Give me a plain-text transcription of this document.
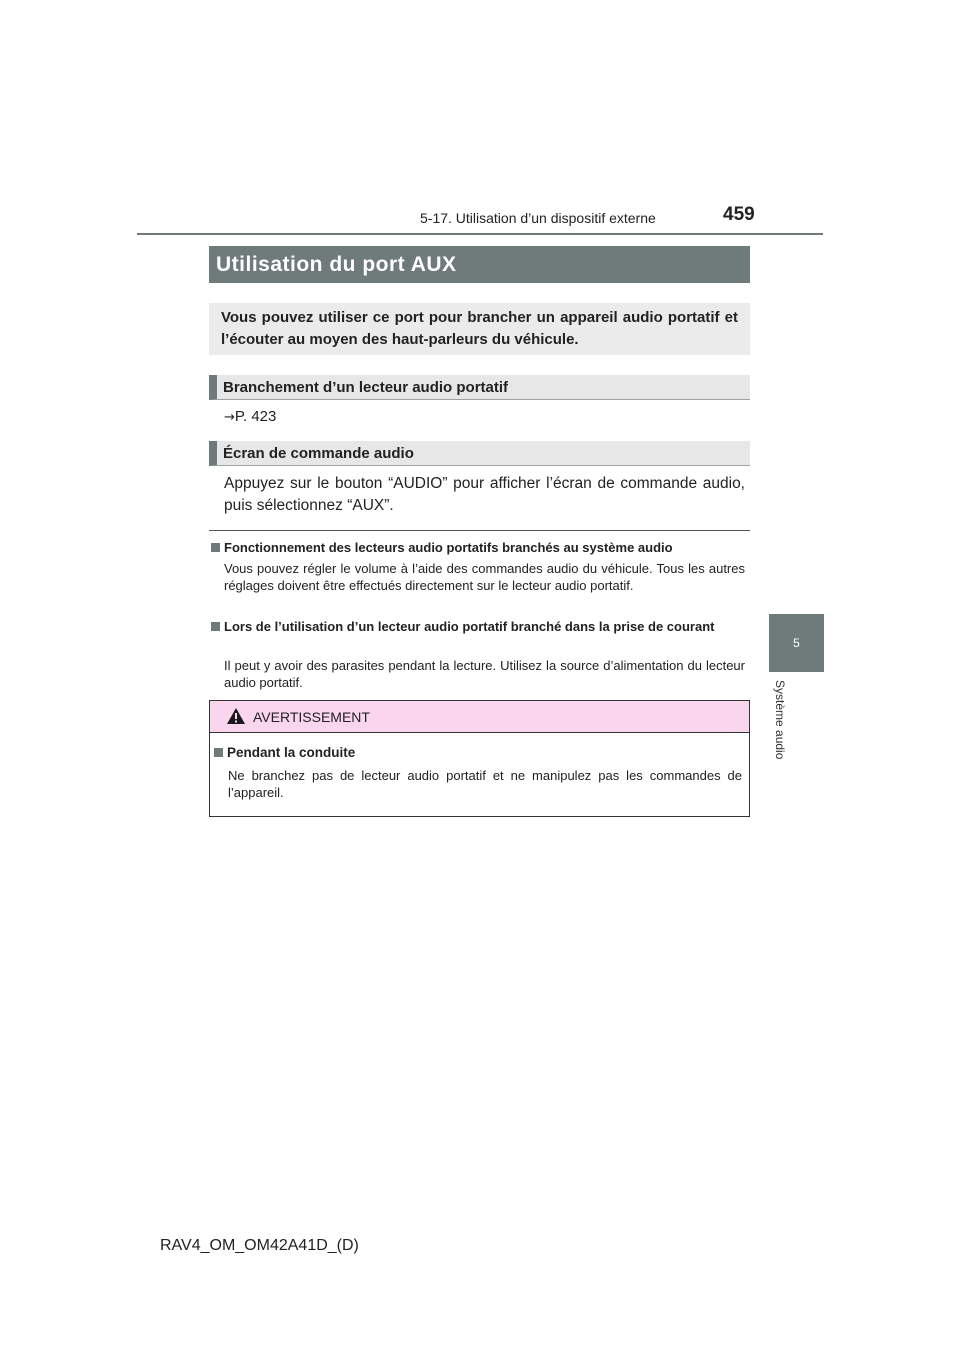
5-17. Utilisation d’un dispositif externe	459
5
Système audio
Utilisation du port AUX
Vous pouvez utiliser ce port pour brancher un appareil audio portatif et l’écouter au moyen des haut-parleurs du véhicule.
Branchement d’un lecteur audio portatif
→P. 423
Écran de commande audio
Appuyez sur le bouton “AUDIO” pour afficher l’écran de commande audio, puis sélectionnez “AUX”.
Fonctionnement des lecteurs audio portatifs branchés au système audio
Vous pouvez régler le volume à l’aide des commandes audio du véhicule. Tous les autres réglages doivent être effectués directement sur le lecteur audio portatif.
Lors de l’utilisation d’un lecteur audio portatif branché dans la prise de courant
Il peut y avoir des parasites pendant la lecture. Utilisez la source d’alimentation du lecteur audio portatif.
AVERTISSEMENT
Pendant la conduite
Ne branchez pas de lecteur audio portatif et ne manipulez pas les commandes de l’appareil.
RAV4_OM_OM42A41D_(D)
